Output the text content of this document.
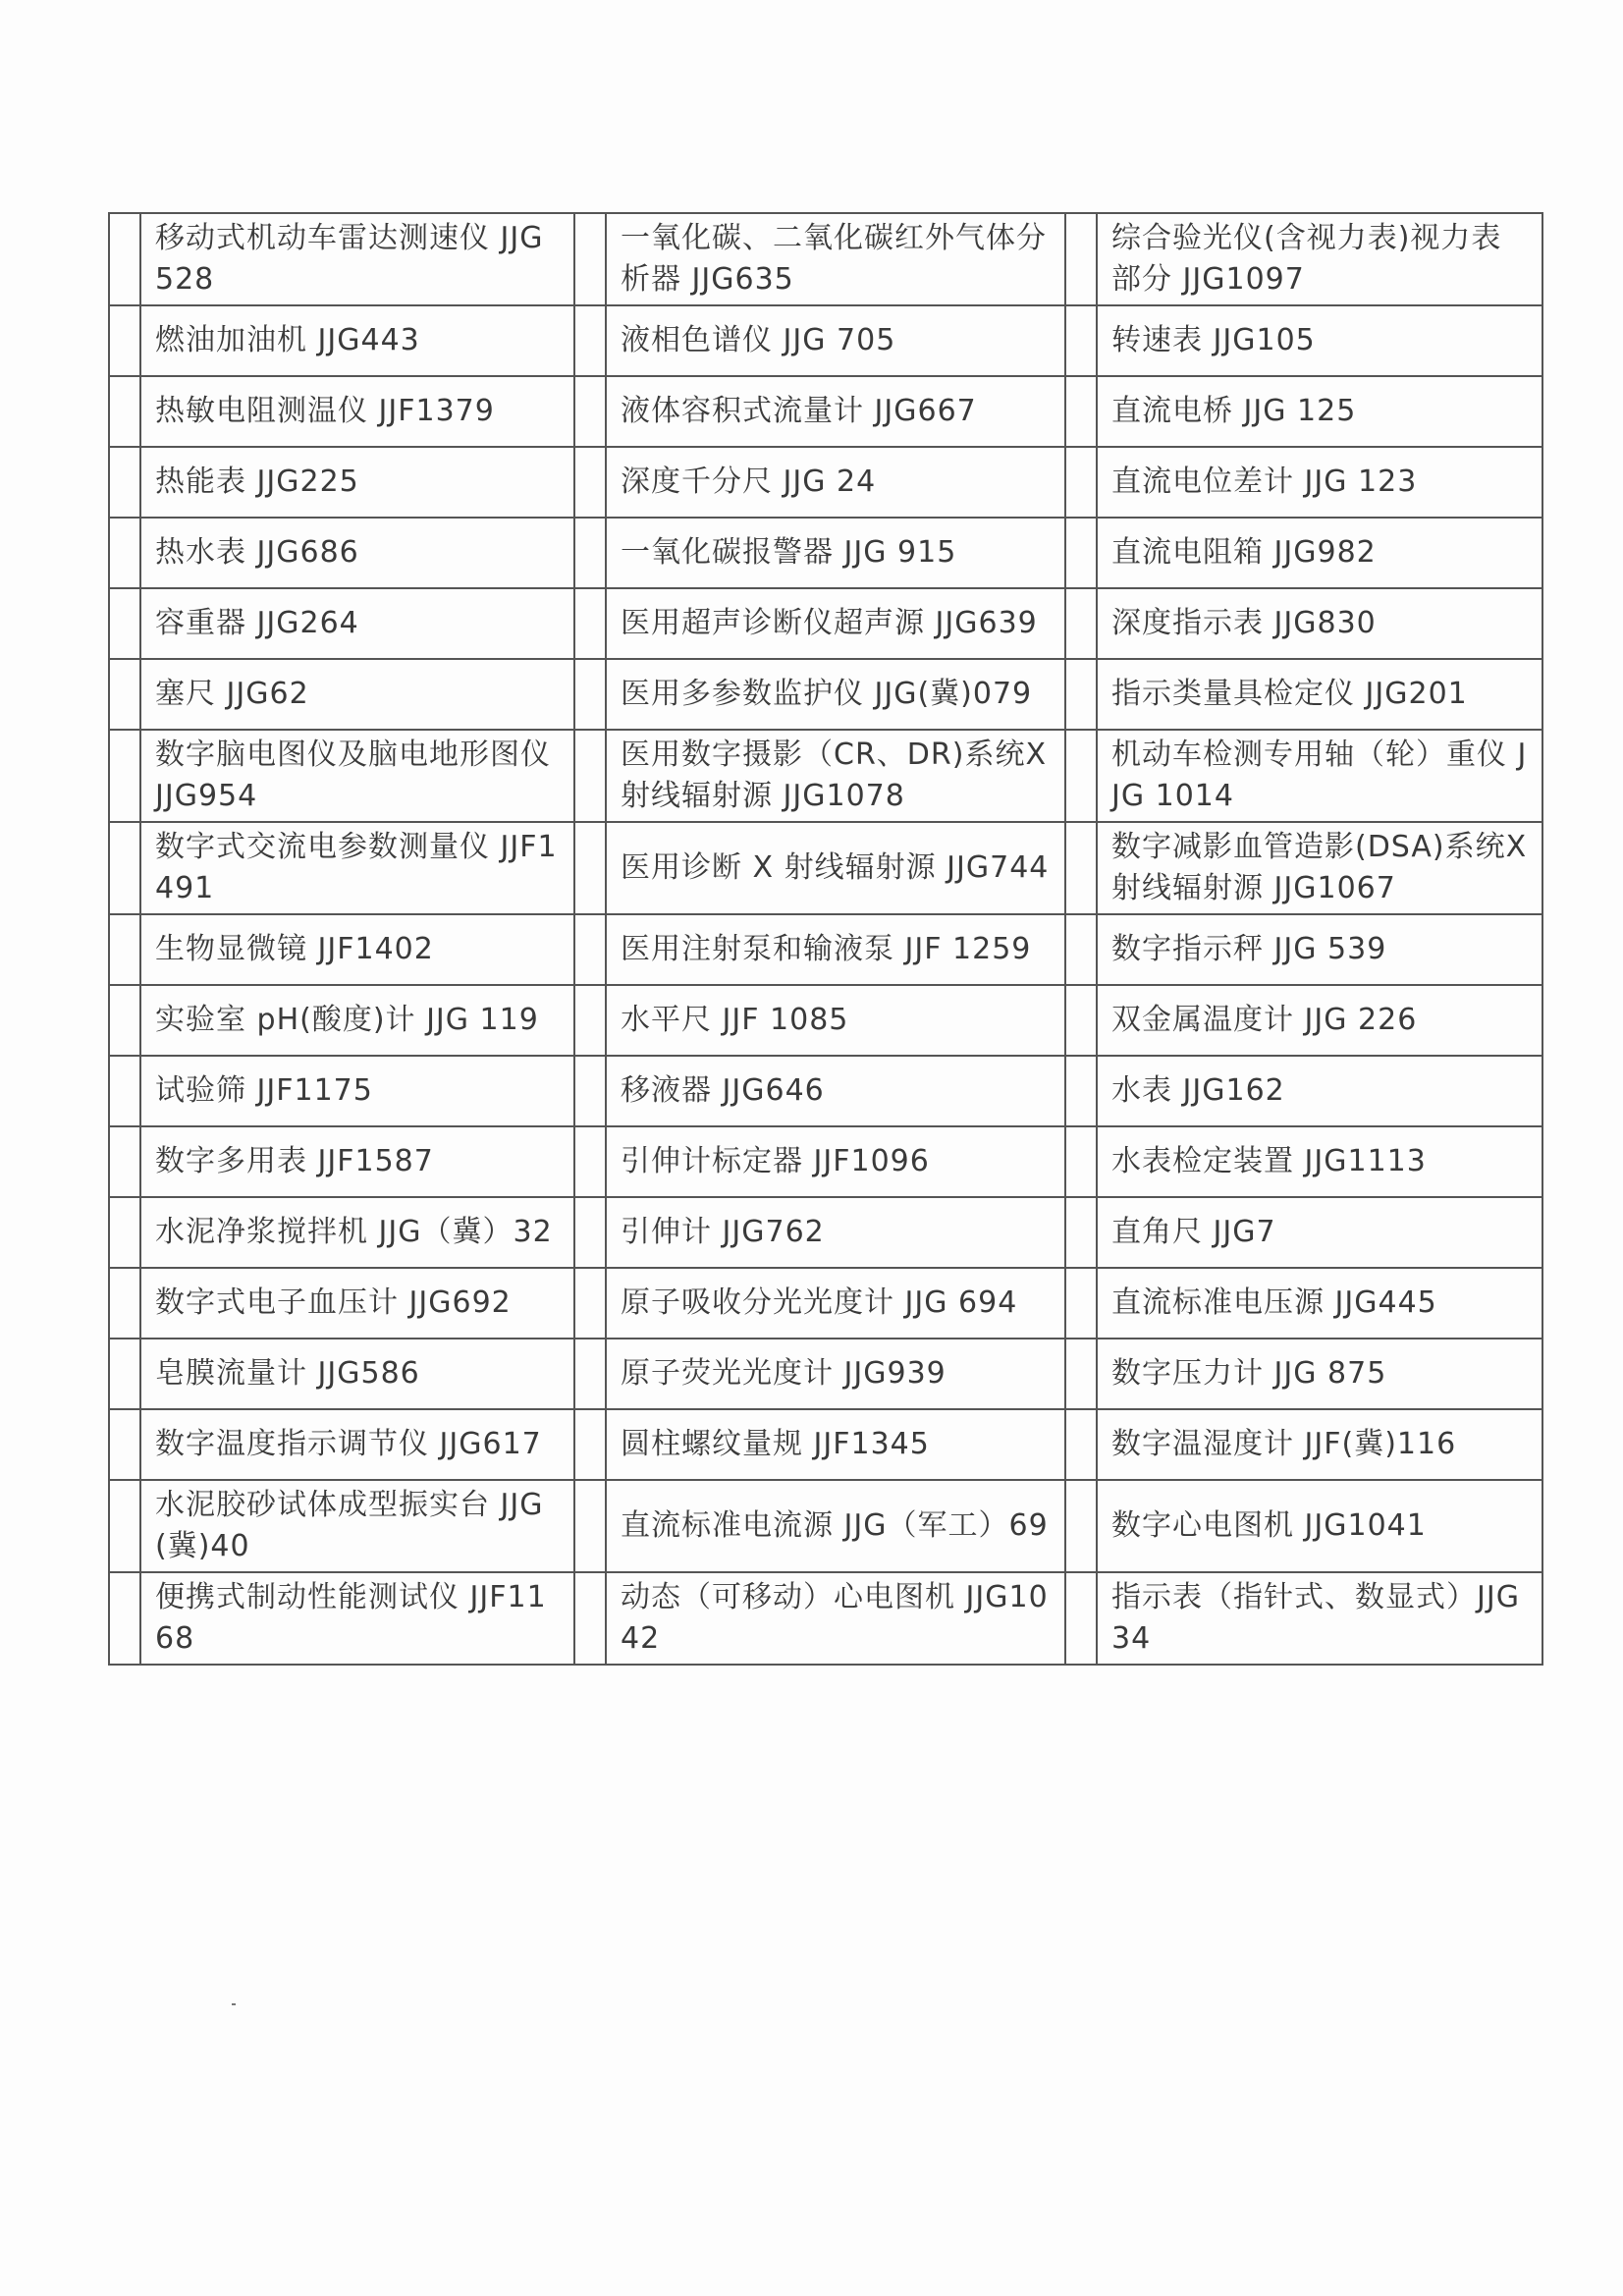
	移动式机动车雷达测速仪 JJG528		一氧化碳、二氧化碳红外气体分析器 JJG635		综合验光仪(含视力表)视力表部分 JJG1097
	燃油加油机 JJG443		液相色谱仪 JJG 705		转速表 JJG105
	热敏电阻测温仪 JJF1379		液体容积式流量计 JJG667		直流电桥 JJG 125
	热能表 JJG225		深度千分尺 JJG 24		直流电位差计 JJG 123
	热水表 JJG686		一氧化碳报警器 JJG 915		直流电阻箱 JJG982
	容重器 JJG264		医用超声诊断仪超声源 JJG639		深度指示表 JJG830
	塞尺 JJG62		医用多参数监护仪 JJG(冀)079		指示类量具检定仪 JJG201
	数字脑电图仪及脑电地形图仪 JJG954		医用数字摄影（CR、DR)系统X射线辐射源 JJG1078		机动车检测专用轴（轮）重仪 JJG 1014
	数字式交流电参数测量仪 JJF1491		医用诊断 X 射线辐射源 JJG744		数字减影血管造影(DSA)系统X射线辐射源 JJG1067
	生物显微镜 JJF1402		医用注射泵和输液泵 JJF 1259		数字指示秤 JJG 539
	实验室 pH(酸度)计 JJG 119		水平尺 JJF 1085		双金属温度计 JJG 226
	试验筛 JJF1175		移液器 JJG646		水表 JJG162
	数字多用表 JJF1587		引伸计标定器 JJF1096		水表检定装置 JJG1113
	水泥净浆搅拌机 JJG（冀）32		引伸计 JJG762		直角尺 JJG7
	数字式电子血压计 JJG692		原子吸收分光光度计 JJG 694		直流标准电压源 JJG445
	皂膜流量计 JJG586		原子荧光光度计 JJG939		数字压力计 JJG 875
	数字温度指示调节仪 JJG617		圆柱螺纹量规 JJF1345		数字温湿度计 JJF(冀)116
	水泥胶砂试体成型振实台 JJG(冀)40		直流标准电流源 JJG（军工）69		数字心电图机 JJG1041
	便携式制动性能测试仪 JJF1168		动态（可移动）心电图机 JJG1042		指示表（指针式、数显式）JJG 34
